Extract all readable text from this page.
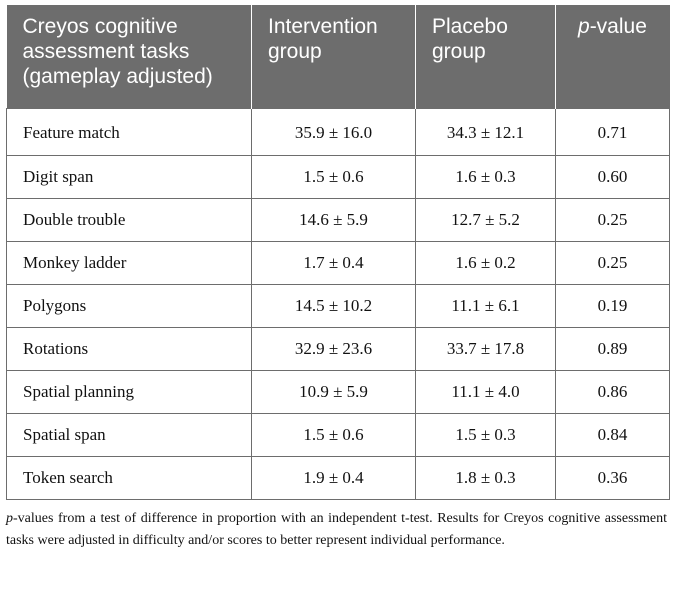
Creyos cognitive assessment tasks (gameplay adjusted)	Intervention group	Placebo group	p-value
Feature match	35.9 ± 16.0	34.3 ± 12.1	0.71
Digit span	1.5 ± 0.6	1.6 ± 0.3	0.60
Double trouble	14.6 ± 5.9	12.7 ± 5.2	0.25
Monkey ladder	1.7 ± 0.4	1.6 ± 0.2	0.25
Polygons	14.5 ± 10.2	11.1 ± 6.1	0.19
Rotations	32.9 ± 23.6	33.7 ± 17.8	0.89
Spatial planning	10.9 ± 5.9	11.1 ± 4.0	0.86
Spatial span	1.5 ± 0.6	1.5 ± 0.3	0.84
Token search	1.9 ± 0.4	1.8 ± 0.3	0.36

p-values from a test of difference in proportion with an independent t-test. Results for Creyos cognitive assessment tasks were adjusted in difficulty and/or scores to better represent individual performance.
